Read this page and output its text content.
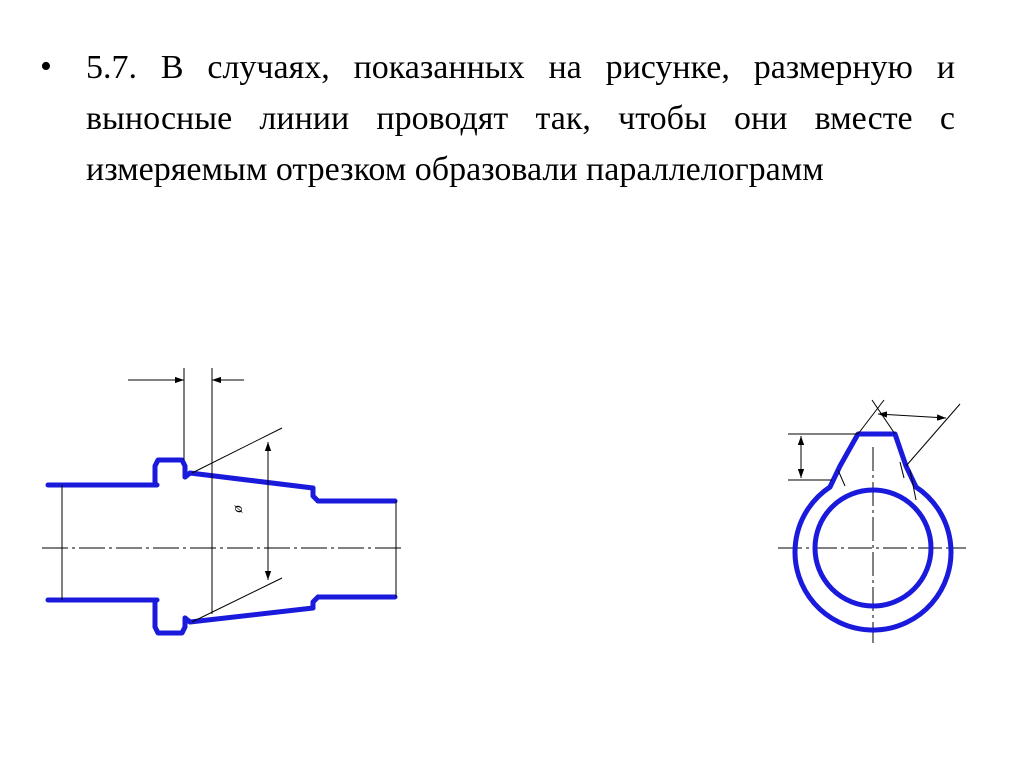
• 5.7. В случаях, показанных на рисунке, размерную и выносные линии проводят так, чтобы они вместе с измеряемым отрезком образовали параллелограмм
ø
